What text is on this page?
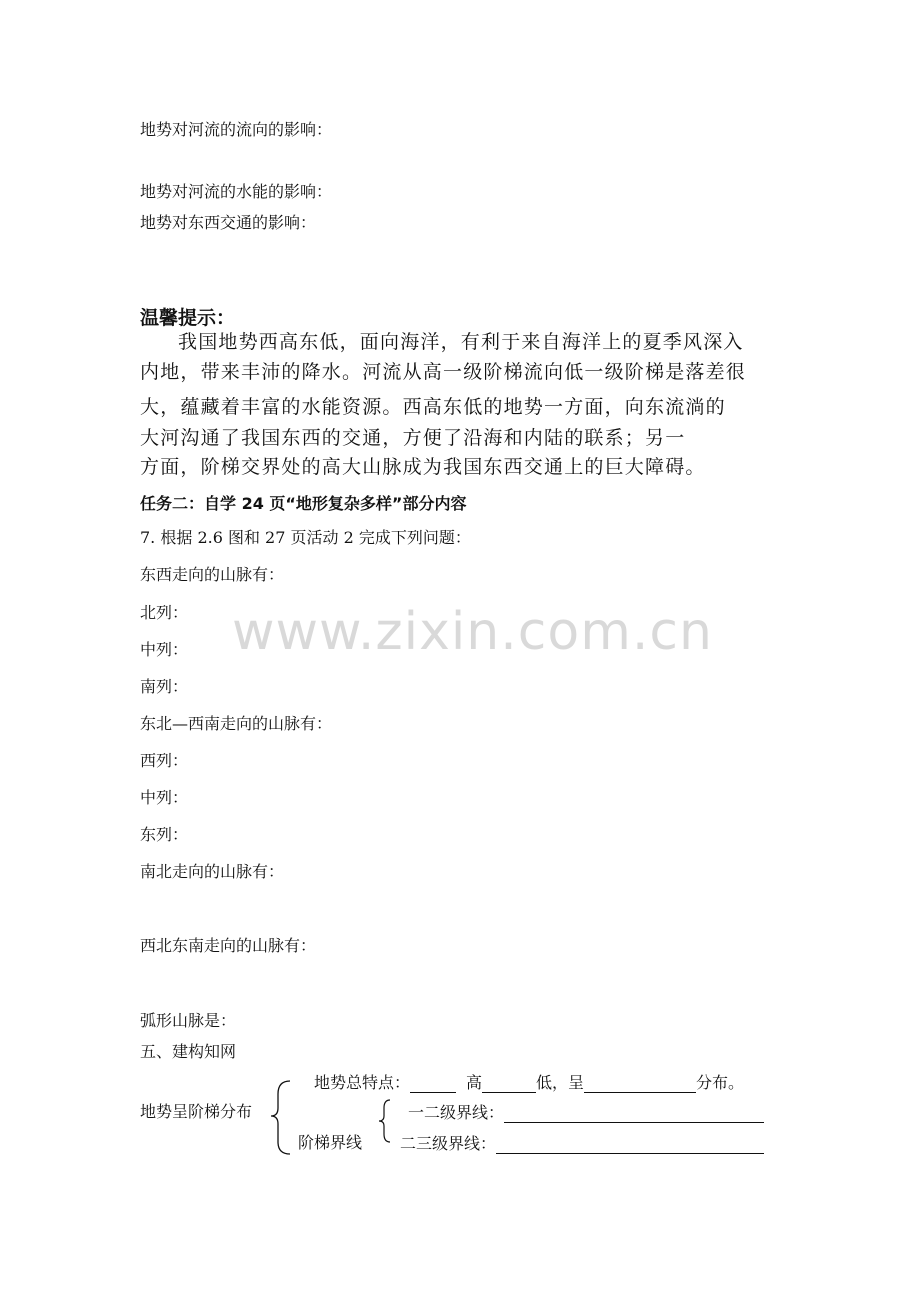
地势对河流的流向的影响：
地势对河流的水能的影响：
地势对东西交通的影响：
温馨提示：
我国地势西高东低，面向海洋，有利于来自海洋上的夏季风深入
内地，带来丰沛的降水。河流从高一级阶梯流向低一级阶梯是落差很
大，蕴藏着丰富的水能资源。西高东低的地势一方面，向东流淌的
大河沟通了我国东西的交通，方便了沿海和内陆的联系；另一
方面，阶梯交界处的高大山脉成为我国东西交通上的巨大障碍。
任务二：自学 24 页“地形复杂多样”部分内容
www.zixin.com.cn
7. 根据 2.6 图和 27 页活动 2 完成下列问题：
东西走向的山脉有：
北列：
中列：
南列：
东北—西南走向的山脉有：
西列：
中列：
东列：
南北走向的山脉有：
西北东南走向的山脉有：
弧形山脉是：
五、建构知网
地势呈阶梯分布
地势总特点：	高	低，呈	分布。
阶梯界线
一二级界线：
二三级界线：
